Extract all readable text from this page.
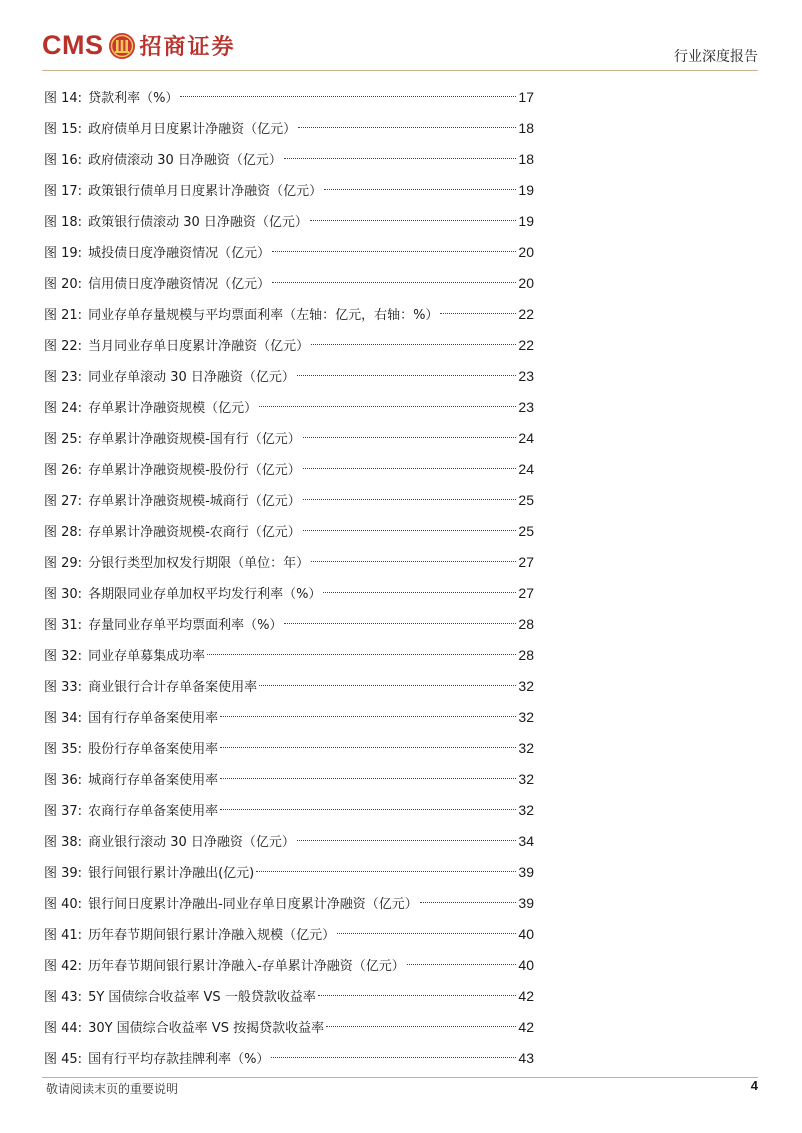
CMS 招商证券	行业深度报告
图 14: 贷款利率（%）	17
图 15: 政府债单月日度累计净融资（亿元）	18
图 16: 政府债滚动 30 日净融资（亿元）	18
图 17: 政策银行债单月日度累计净融资（亿元）	19
图 18: 政策银行债滚动 30 日净融资（亿元）	19
图 19: 城投债日度净融资情况（亿元）	20
图 20: 信用债日度净融资情况（亿元）	20
图 21: 同业存单存量规模与平均票面利率（左轴：亿元，右轴：%）	22
图 22: 当月同业存单日度累计净融资（亿元）	22
图 23: 同业存单滚动 30 日净融资（亿元）	23
图 24: 存单累计净融资规模（亿元）	23
图 25: 存单累计净融资规模-国有行（亿元）	24
图 26: 存单累计净融资规模-股份行（亿元）	24
图 27: 存单累计净融资规模-城商行（亿元）	25
图 28: 存单累计净融资规模-农商行（亿元）	25
图 29: 分银行类型加权发行期限（单位：年）	27
图 30: 各期限同业存单加权平均发行利率（%）	27
图 31: 存量同业存单平均票面利率（%）	28
图 32: 同业存单募集成功率	28
图 33: 商业银行合计存单备案使用率	32
图 34: 国有行存单备案使用率	32
图 35: 股份行存单备案使用率	32
图 36: 城商行存单备案使用率	32
图 37: 农商行存单备案使用率	32
图 38: 商业银行滚动 30 日净融资（亿元）	34
图 39: 银行间银行累计净融出(亿元)	39
图 40: 银行间日度累计净融出-同业存单日度累计净融资（亿元）	39
图 41: 历年春节期间银行累计净融入规模（亿元）	40
图 42: 历年春节期间银行累计净融入-存单累计净融资（亿元）	40
图 43: 5Y 国债综合收益率 VS 一般贷款收益率	42
图 44: 30Y 国债综合收益率 VS 按揭贷款收益率	42
图 45: 国有行平均存款挂牌利率（%）	43
敬请阅读末页的重要说明	4
